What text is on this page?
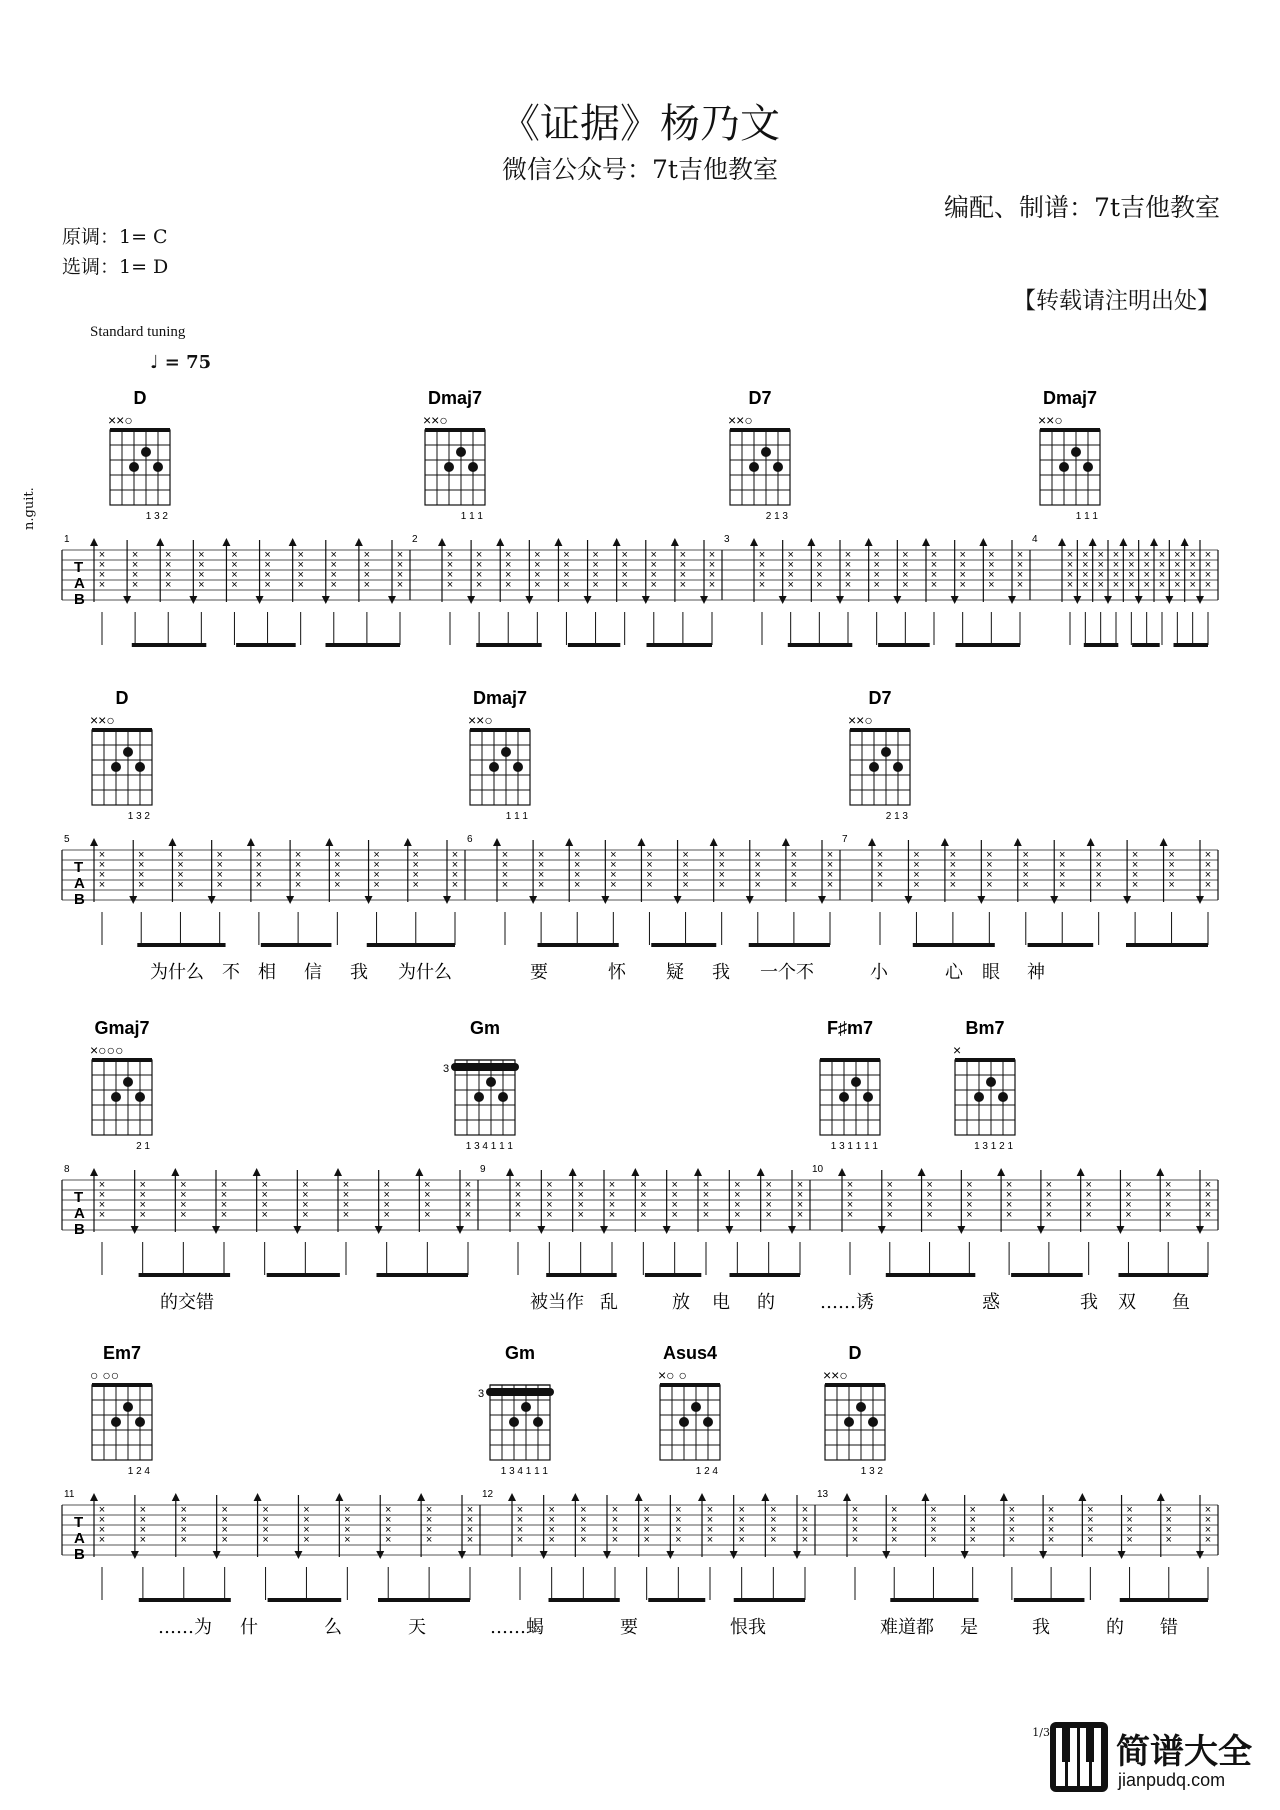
《证据》杨乃文
微信公众号：7t吉他教室
编配、制谱：7t吉他教室
原调：1= C
选调：1= D
【转载请注明出处】
Standard tuning
♩ = 75
n.guit.
D
××○
1 3 2
Dmaj7
××○
1 1 1
D7
××○
2 1 3
Dmaj7
××○
1 1 1
T
A
B
1	2	3	4
×
×
×
×
×
×
×
×
×
×
×
×
×
×
×
×
×
×
×
×
×
×
×
×
×
×
×
×
×
×
×
×
×
×
×
×
×
×
×
×
×
×
×
×
×
×
×
×
×
×
×
×
×
×
×
×
×
×
×
×
×
×
×
×
×
×
×
×
×
×
×
×
×
×
×
×
×
×
×
×
×
×
×
×
×
×
×
×
×
×
×
×
×
×
×
×
×
×
×
×
×
×
×
×
×
×
×
×
×
×
×
×
×
×
×
×
×
×
×
×
×
×
×
×
×
×
×
×
×
×
×
×
×
×
×
×
×
×
×
×
×
×
×
×
×
×
×
×
×
×
×
×
×
×
×
×
×
×
×
×
D
××○
1 3 2
Dmaj7
××○
1 1 1
D7
××○
2 1 3
T
A
B
5	6	7
×
×
×
×
×
×
×
×
×
×
×
×
×
×
×
×
×
×
×
×
×
×
×
×
×
×
×
×
×
×
×
×
×
×
×
×
×
×
×
×
×
×
×
×
×
×
×
×
×
×
×
×
×
×
×
×
×
×
×
×
×
×
×
×
×
×
×
×
×
×
×
×
×
×
×
×
×
×
×
×
×
×
×
×
×
×
×
×
×
×
×
×
×
×
×
×
×
×
×
×
×
×
×
×
×
×
×
×
×
×
×
×
×
×
×
×
×
×
×
×
为什么 不 相 信 我 为什么	要	怀 疑 我 一个不	小	心 眼 神
Gmaj7
×○○○
2 1
Gm
3
1 3 4 1 1 1
F♯m7
1 3 1 1 1 1
Bm7
×
1 3 1 2 1
T
A
B
8	9	10
×
×
×
×
×
×
×
×
×
×
×
×
×
×
×
×
×
×
×
×
×
×
×
×
×
×
×
×
×
×
×
×
×
×
×
×
×
×
×
×
×
×
×
×
×
×
×
×
×
×
×
×
×
×
×
×
×
×
×
×
×
×
×
×
×
×
×
×
×
×
×
×
×
×
×
×
×
×
×
×
×
×
×
×
×
×
×
×
×
×
×
×
×
×
×
×
×
×
×
×
×
×
×
×
×
×
×
×
×
×
×
×
×
×
×
×
×
×
×
×
的交错	被当作 乱	放 电 的	……诱	惑	我 双 鱼
Em7
○ ○○
1 2 4
Gm
3
1 3 4 1 1 1
Asus4
×○ ○
1 2 4
D
××○
1 3 2
T
A
B
11	12	13
×
×
×
×
×
×
×
×
×
×
×
×
×
×
×
×
×
×
×
×
×
×
×
×
×
×
×
×
×
×
×
×
×
×
×
×
×
×
×
×
×
×
×
×
×
×
×
×
×
×
×
×
×
×
×
×
×
×
×
×
×
×
×
×
×
×
×
×
×
×
×
×
×
×
×
×
×
×
×
×
×
×
×
×
×
×
×
×
×
×
×
×
×
×
×
×
×
×
×
×
×
×
×
×
×
×
×
×
×
×
×
×
×
×
×
×
×
×
×
×
……为 什	么	天	……蝎	要	恨我	难道都 是	我	的 错
1/3 简谱大全
jianpudq.com
